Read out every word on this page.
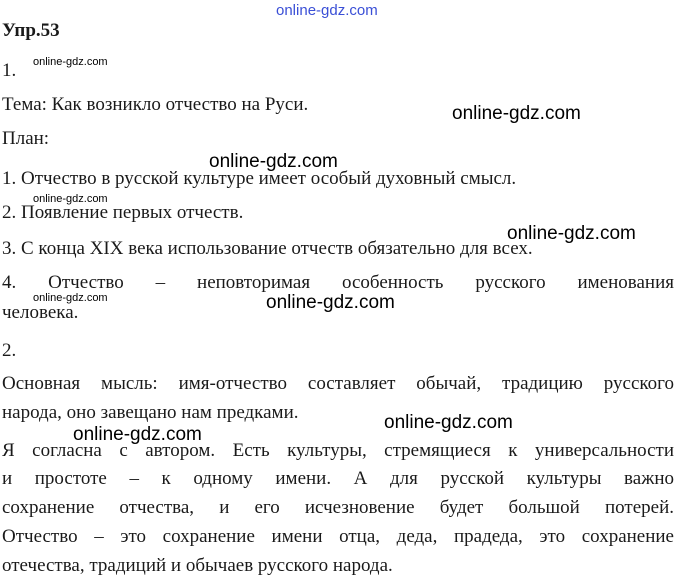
online-gdz.com
Упр.53
1.
Тема: Как возникло отчество на Руси.
План:
1. Отчество в русской культуре имеет особый духовный смысл.
2. Появление первых отчеств.
3. С конца XIX века использование отчеств обязательно для всех.
4. Отчество – неповторимая особенность русского именования
человека.
2.
Основная мысль: имя-отчество составляет обычай, традицию русского
народа, оно завещано нам предками.
Я согласна с автором. Есть культуры, стремящиеся к универсальности
и простоте – к одному имени. А для русской культуры важно
сохранение отчества, и его исчезновение будет большой потерей.
Отчество – это сохранение имени отца, деда, прадеда, это сохранение
отечества, традиций и обычаев русского народа.
online-gdz.com
online-gdz.com
online-gdz.com
online-gdz.com
online-gdz.com
online-gdz.com	online-gdz.com
online-gdz.com
online-gdz.com
